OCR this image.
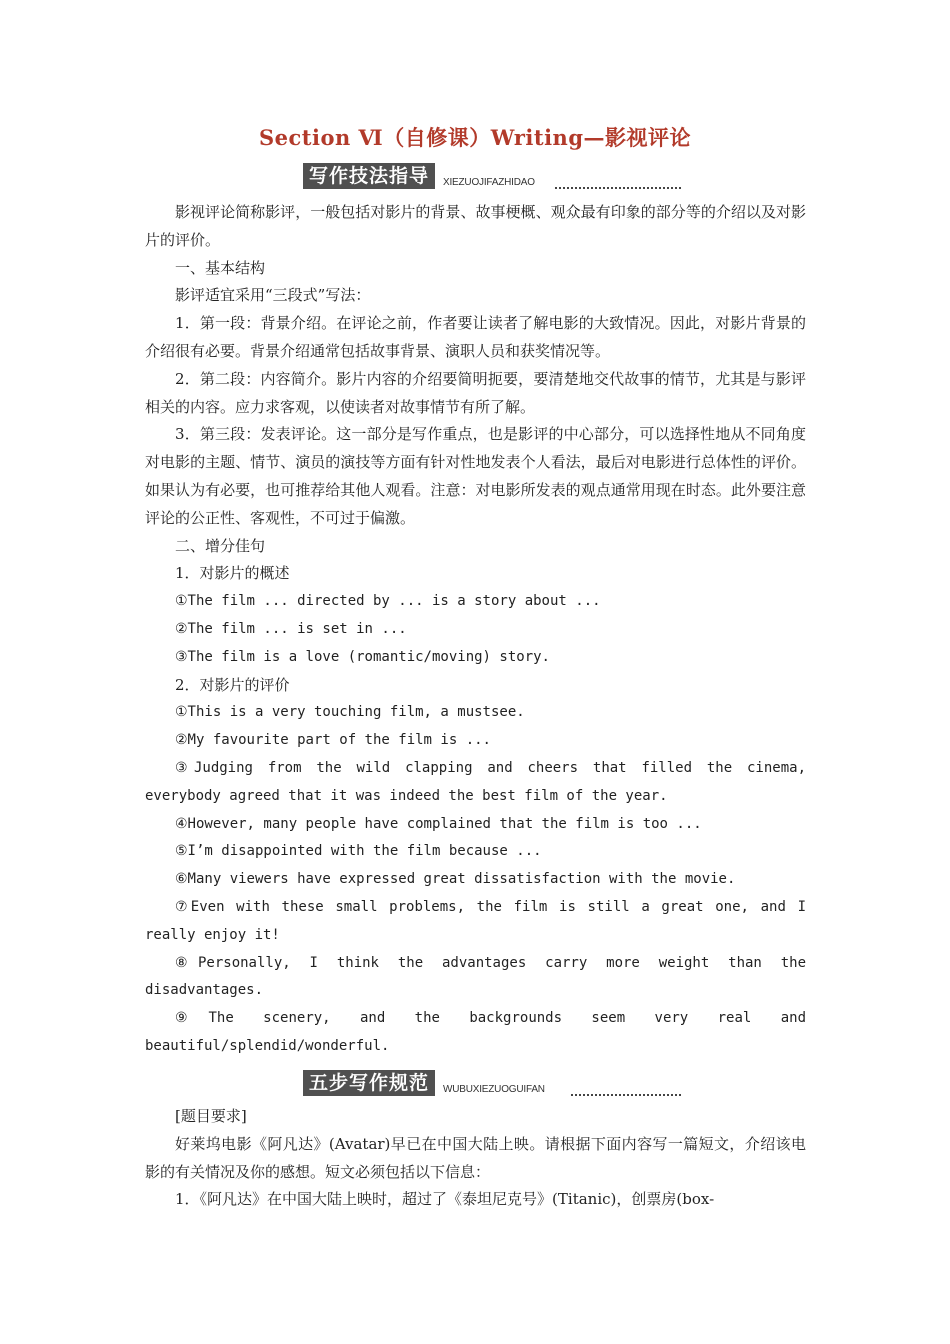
Section Ⅵ（自修课）Writing—影视评论
写作技法指导	XIEZUOJIFAZHIDAO

影视评论简称影评，一般包括对影片的背景、故事梗概、观众最有印象的部分等的介绍以及对影片的评价。

一、基本结构

影评适宜采用“三段式”写法：

1．第一段：背景介绍。在评论之前，作者要让读者了解电影的大致情况。因此，对影片背景的介绍很有必要。背景介绍通常包括故事背景、演职人员和获奖情况等。

2．第二段：内容简介。影片内容的介绍要简明扼要，要清楚地交代故事的情节，尤其是与影评相关的内容。应力求客观，以使读者对故事情节有所了解。

3．第三段：发表评论。这一部分是写作重点，也是影评的中心部分，可以选择性地从不同角度对电影的主题、情节、演员的演技等方面有针对性地发表个人看法，最后对电影进行总体性的评价。如果认为有必要，也可推荐给其他人观看。注意：对电影所发表的观点通常用现在时态。此外要注意评论的公正性、客观性，不可过于偏激。

二、增分佳句

1．对影片的概述

①The film ... directed by ... is a story about ...

②The film ... is set in ...

③The film is a love (romantic/moving) story.

2．对影片的评价

①This is a very touching film, a mustsee.

②My favourite part of the film is ...

③Judging from the wild clapping and cheers that filled the cinema, everybody agreed that it was indeed the best film of the year.

④However, many people have complained that the film is too ...

⑤I’m disappointed with the film because ...

⑥Many viewers have expressed great dissatisfaction with the movie.

⑦Even with these small problems, the film is still a great one, and I really enjoy it!

⑧Personally, I think the advantages carry more weight than the disadvantages.

⑨The scenery, and the backgrounds seem very real and beautiful/splendid/wonderful.

五步写作规范	WUBUXIEZUOGUIFAN

[题目要求]

好莱坞电影《阿凡达》(Avatar)早已在中国大陆上映。请根据下面内容写一篇短文，介绍该电影的有关情况及你的感想。短文必须包括以下信息：

1．《阿凡达》在中国大陆上映时，超过了《泰坦尼克号》(Titanic)，创票房(box-
